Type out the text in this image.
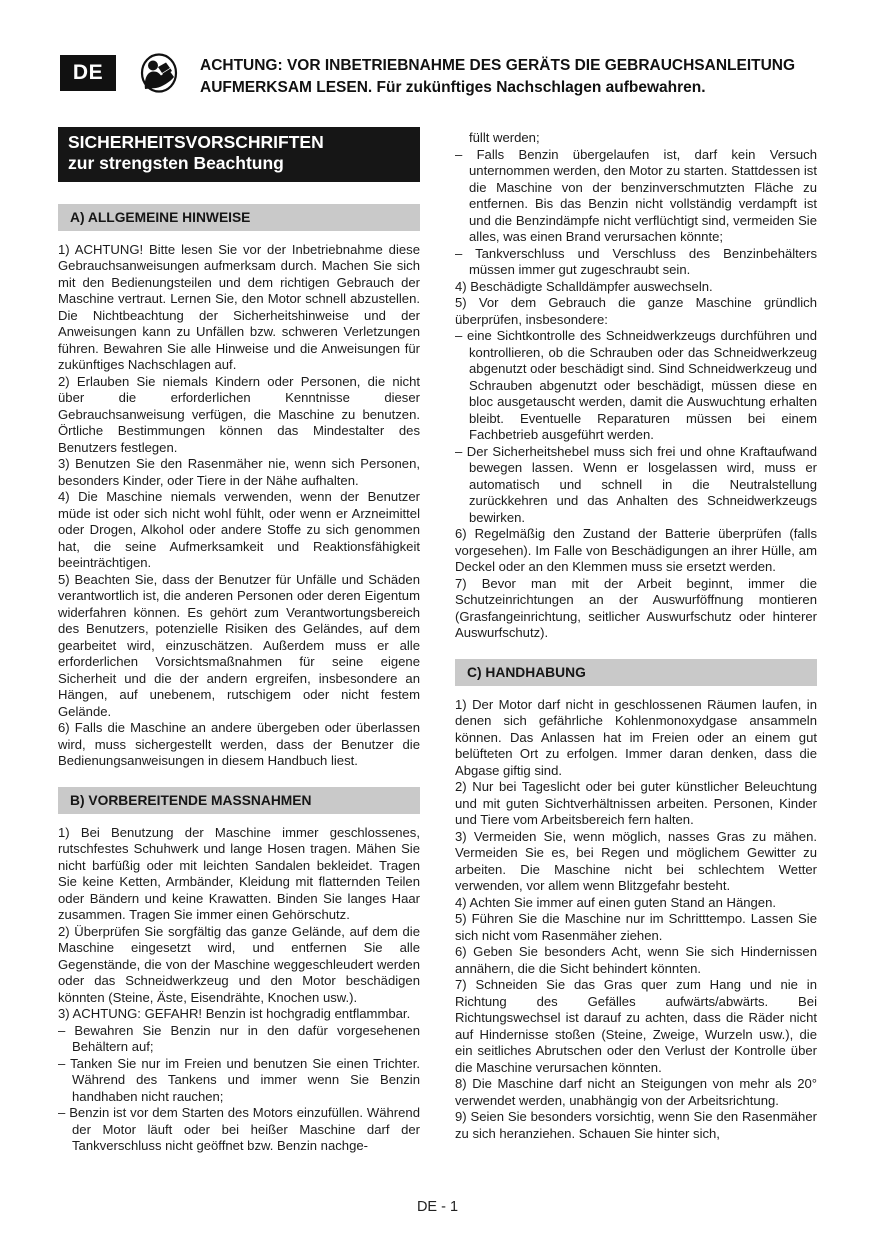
DE	ACHTUNG: VOR INBETRIEBNAHME DES GERÄTS DIE GEBRAUCHSANLEITUNG AUFMERKSAM LESEN. Für zukünftiges Nachschlagen aufbewahren.
SICHERHEITSVORSCHRIFTEN
zur strengsten Beachtung
A) ALLGEMEINE HINWEISE

1) ACHTUNG! Bitte lesen Sie vor der Inbetriebnahme diese Gebrauchsanweisungen aufmerksam durch. Machen Sie sich mit den Bedienungsteilen und dem richtigen Gebrauch der Maschine vertraut. Lernen Sie, den Motor schnell abzustellen. Die Nichtbeachtung der Sicherheitshinweise und der Anweisungen kann zu Unfällen bzw. schweren Verletzungen führen. Bewahren Sie alle Hinweise und die Anweisungen für zukünftiges Nachschlagen auf.

2) Erlauben Sie niemals Kindern oder Personen, die nicht über die erforderlichen Kenntnisse dieser Gebrauchsanweisung verfügen, die Maschine zu benutzen. Örtliche Bestimmungen können das Mindestalter des Benutzers festlegen.

3) Benutzen Sie den Rasenmäher nie, wenn sich Personen, besonders Kinder, oder Tiere in der Nähe aufhalten.

4) Die Maschine niemals verwenden, wenn der Benutzer müde ist oder sich nicht wohl fühlt, oder wenn er Arzneimittel oder Drogen, Alkohol oder andere Stoffe zu sich genommen hat, die seine Aufmerksamkeit und Reaktionsfähigkeit beeinträchtigen.

5) Beachten Sie, dass der Benutzer für Unfälle und Schäden verantwortlich ist, die anderen Personen oder deren Eigentum widerfahren können. Es gehört zum Verantwortungsbereich des Benutzers, potenzielle Risiken des Geländes, auf dem gearbeitet wird, einzuschätzen. Außerdem muss er alle erforderlichen Vorsichtsmaßnahmen für seine eigene Sicherheit und die der andern ergreifen, insbesondere an Hängen, auf unebenem, rutschigem oder nicht festem Gelände.

6) Falls die Maschine an andere übergeben oder überlassen wird, muss sichergestellt werden, dass der Benutzer die Bedienungsanweisungen in diesem Handbuch liest.

B) VORBEREITENDE MASSNAHMEN

1) Bei Benutzung der Maschine immer geschlossenes, rutschfestes Schuhwerk und lange Hosen tragen. Mähen Sie nicht barfüßig oder mit leichten Sandalen bekleidet. Tragen Sie keine Ketten, Armbänder, Kleidung mit flatternden Teilen oder Bändern und keine Krawatten. Binden Sie langes Haar zusammen. Tragen Sie immer einen Gehörschutz.

2) Überprüfen Sie sorgfältig das ganze Gelände, auf dem die Maschine eingesetzt wird, und entfernen Sie alle Gegenstände, die von der Maschine weggeschleudert werden oder das Schneidwerkzeug und den Motor beschädigen könnten (Steine, Äste, Eisendrähte, Knochen usw.).

3) ACHTUNG: GEFAHR! Benzin ist hochgradig entflammbar.

– Bewahren Sie Benzin nur in den dafür vorgesehenen Behältern auf;

– Tanken Sie nur im Freien und benutzen Sie einen Trichter. Während des Tankens und immer wenn Sie Benzin handhaben nicht rauchen;

– Benzin ist vor dem Starten des Motors einzufüllen. Während der Motor läuft oder bei heißer Maschine darf der Tankverschluss nicht geöffnet bzw. Benzin nachge-

füllt werden;

– Falls Benzin übergelaufen ist, darf kein Versuch unternommen werden, den Motor zu starten. Stattdessen ist die Maschine von der benzinverschmutzten Fläche zu entfernen. Bis das Benzin nicht vollständig verdampft ist und die Benzindämpfe nicht verflüchtigt sind, vermeiden Sie alles, was einen Brand verursachen könnte;

– Tankverschluss und Verschluss des Benzinbehälters müssen immer gut zugeschraubt sein.

4) Beschädigte Schalldämpfer auswechseln.

5) Vor dem Gebrauch die ganze Maschine gründlich überprüfen, insbesondere:

– eine Sichtkontrolle des Schneidwerkzeugs durchführen und kontrollieren, ob die Schrauben oder das Schneidwerkzeug abgenutzt oder beschädigt sind. Sind Schneidwerkzeug und Schrauben abgenutzt oder beschädigt, müssen diese en bloc ausgetauscht werden, damit die Auswuchtung erhalten bleibt. Eventuelle Reparaturen müssen bei einem Fachbetrieb ausgeführt werden.

– Der Sicherheitshebel muss sich frei und ohne Kraftaufwand bewegen lassen. Wenn er losgelassen wird, muss er automatisch und schnell in die Neutralstellung zurückkehren und das Anhalten des Schneidwerkzeugs bewirken.

6) Regelmäßig den Zustand der Batterie überprüfen (falls vorgesehen). Im Falle von Beschädigungen an ihrer Hülle, am Deckel oder an den Klemmen muss sie ersetzt werden.

7) Bevor man mit der Arbeit beginnt, immer die Schutzeinrichtungen an der Auswurföffnung montieren (Grasfangeinrichtung, seitlicher Auswurfschutz oder hinterer Auswurfschutz).

C) HANDHABUNG

1) Der Motor darf nicht in geschlossenen Räumen laufen, in denen sich gefährliche Kohlenmonoxydgase ansammeln können. Das Anlassen hat im Freien oder an einem gut belüfteten Ort zu erfolgen. Immer daran denken, dass die Abgase giftig sind.

2) Nur bei Tageslicht oder bei guter künstlicher Beleuchtung und mit guten Sichtverhältnissen arbeiten. Personen, Kinder und Tiere vom Arbeitsbereich fern halten.

3) Vermeiden Sie, wenn möglich, nasses Gras zu mähen. Vermeiden Sie es, bei Regen und möglichem Gewitter zu arbeiten. Die Maschine nicht bei schlechtem Wetter verwenden, vor allem wenn Blitzgefahr besteht.

4) Achten Sie immer auf einen guten Stand an Hängen.

5) Führen Sie die Maschine nur im Schritttempo. Lassen Sie sich nicht vom Rasenmäher ziehen.

6) Geben Sie besonders Acht, wenn Sie sich Hindernissen annähern, die die Sicht behindert könnten.

7) Schneiden Sie das Gras quer zum Hang und nie in Richtung des Gefälles aufwärts/abwärts. Bei Richtungswechsel ist darauf zu achten, dass die Räder nicht auf Hindernisse stoßen (Steine, Zweige, Wurzeln usw.), die ein seitliches Abrutschen oder den Verlust der Kontrolle über die Maschine verursachen könnten.

8) Die Maschine darf nicht an Steigungen von mehr als 20° verwendet werden, unabhängig von der Arbeitsrichtung.

9) Seien Sie besonders vorsichtig, wenn Sie den Rasenmäher zu sich heranziehen. Schauen Sie hinter sich,

DE - 1
